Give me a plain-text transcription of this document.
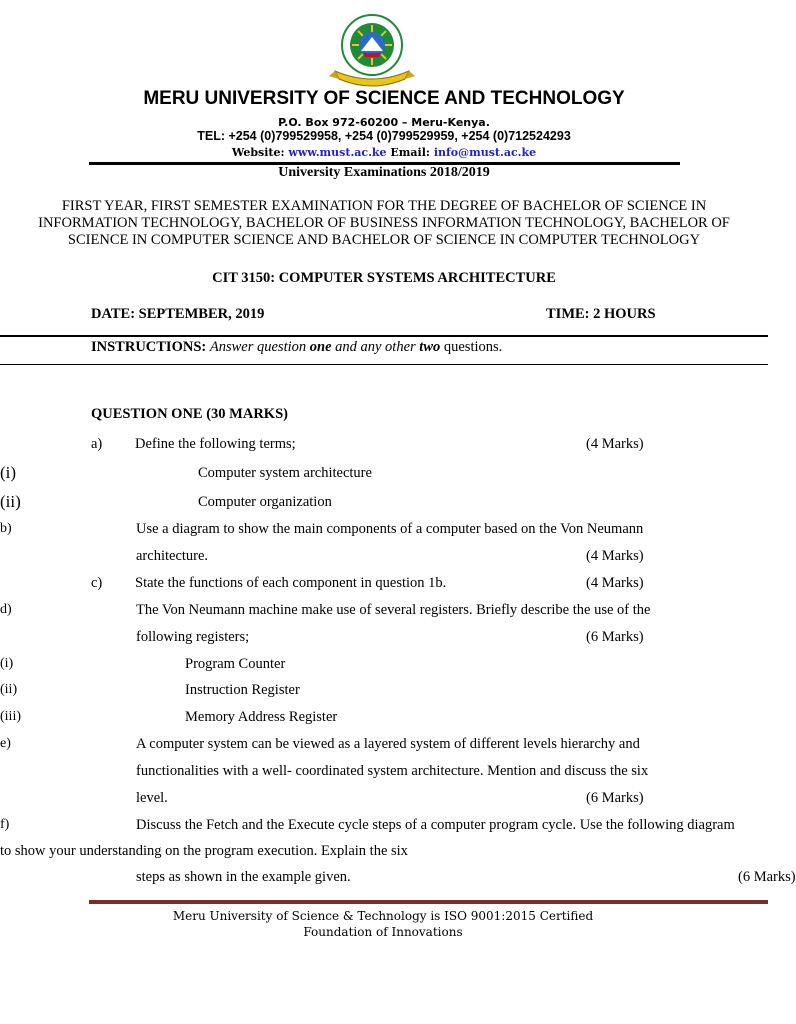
MERU UNIVERSITY OF SCIENCE AND TECHNOLOGY
P.O. Box 972-60200 – Meru-Kenya.
TEL: +254 (0)799529958, +254 (0)799529959, +254 (0)712524293
Website: www.must.ac.ke Email: info@must.ac.ke
University Examinations 2018/2019
FIRST YEAR, FIRST SEMESTER EXAMINATION FOR THE DEGREE OF BACHELOR OF SCIENCE IN INFORMATION TECHNOLOGY, BACHELOR OF BUSINESS INFORMATION TECHNOLOGY, BACHELOR OF SCIENCE IN COMPUTER SCIENCE AND BACHELOR OF SCIENCE IN COMPUTER TECHNOLOGY
CIT 3150: COMPUTER SYSTEMS ARCHITECTURE
DATE: SEPTEMBER, 2019	TIME: 2 HOURS
INSTRUCTIONS: Answer question one and any other two questions.
QUESTION ONE (30 MARKS)
a) Define the following terms;	(4 Marks)
(i)	Computer system architecture
(ii)	Computer organization
b)	Use a diagram to show the main components of a computer based on the Von Neumann
architecture.	(4 Marks)
c) State the functions of each component in question 1b.	(4 Marks)
d)	The Von Neumann machine make use of several registers. Briefly describe the use of the
following registers;	(6 Marks)
(i)	Program Counter
(ii)	Instruction Register
(iii)	Memory Address Register
e)	A computer system can be viewed as a layered system of different levels hierarchy and
functionalities with a well- coordinated system architecture. Mention and discuss the six
level.	(6 Marks)
f)	Discuss the Fetch and the Execute cycle steps of a computer program cycle. Use the following diagram
to show your understanding on the program execution. Explain the six
steps as shown in the example given.	(6 Marks)
Meru University of Science & Technology is ISO 9001:2015 Certified
Foundation of Innovations
